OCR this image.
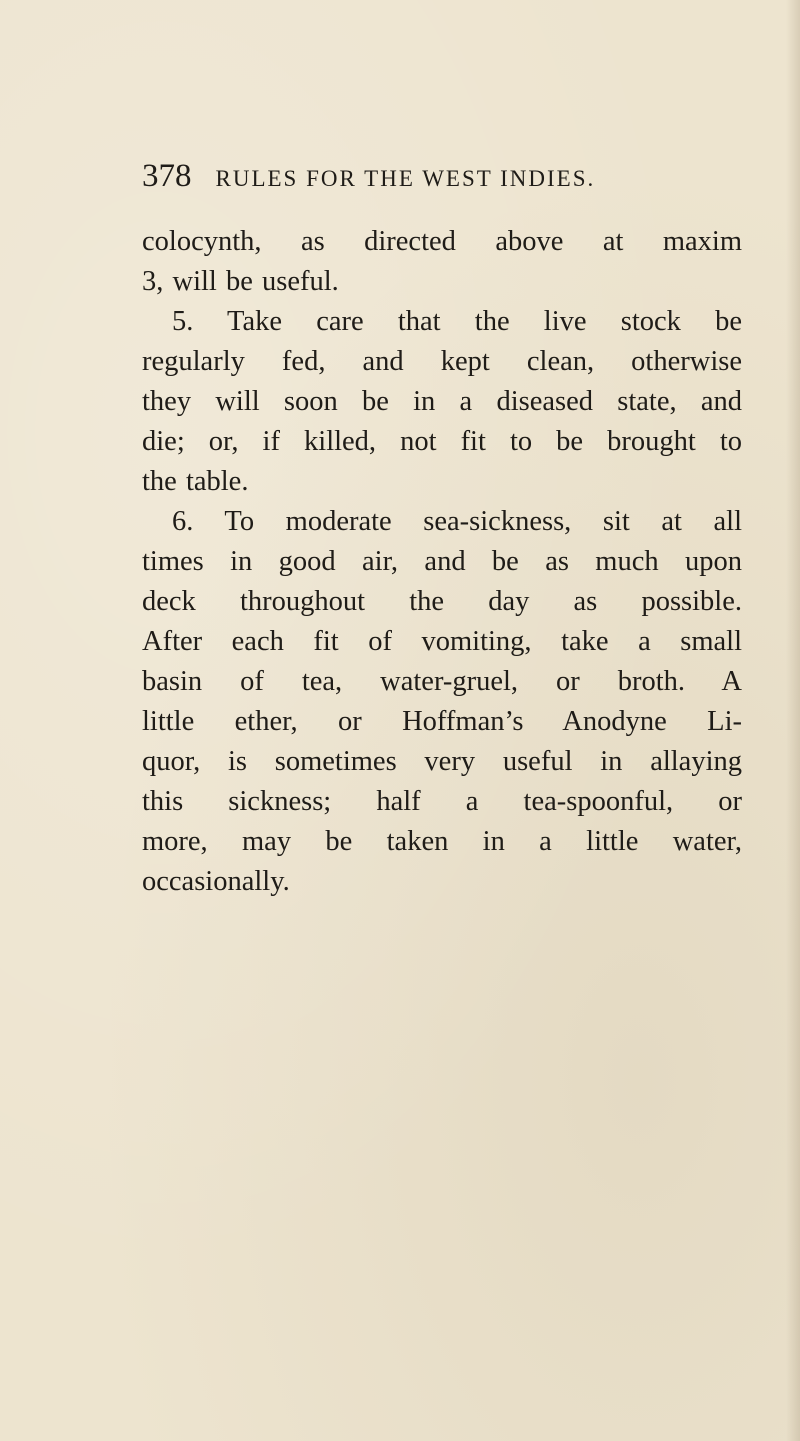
378 RULES FOR THE WEST INDIES.
colocynth, as directed above at maxim
3, will be useful.
5. Take care that the live stock be
regularly fed, and kept clean, otherwise
they will soon be in a diseased state, and
die; or, if killed, not fit to be brought to
the table.
6. To moderate sea-sickness, sit at all
times in good air, and be as much upon
deck throughout the day as possible.
After each fit of vomiting, take a small
basin of tea, water-gruel, or broth. A
little ether, or Hoffman’s Anodyne Li-
quor, is sometimes very useful in allaying
this sickness; half a tea-spoonful, or
more, may be taken in a little water,
occasionally.
